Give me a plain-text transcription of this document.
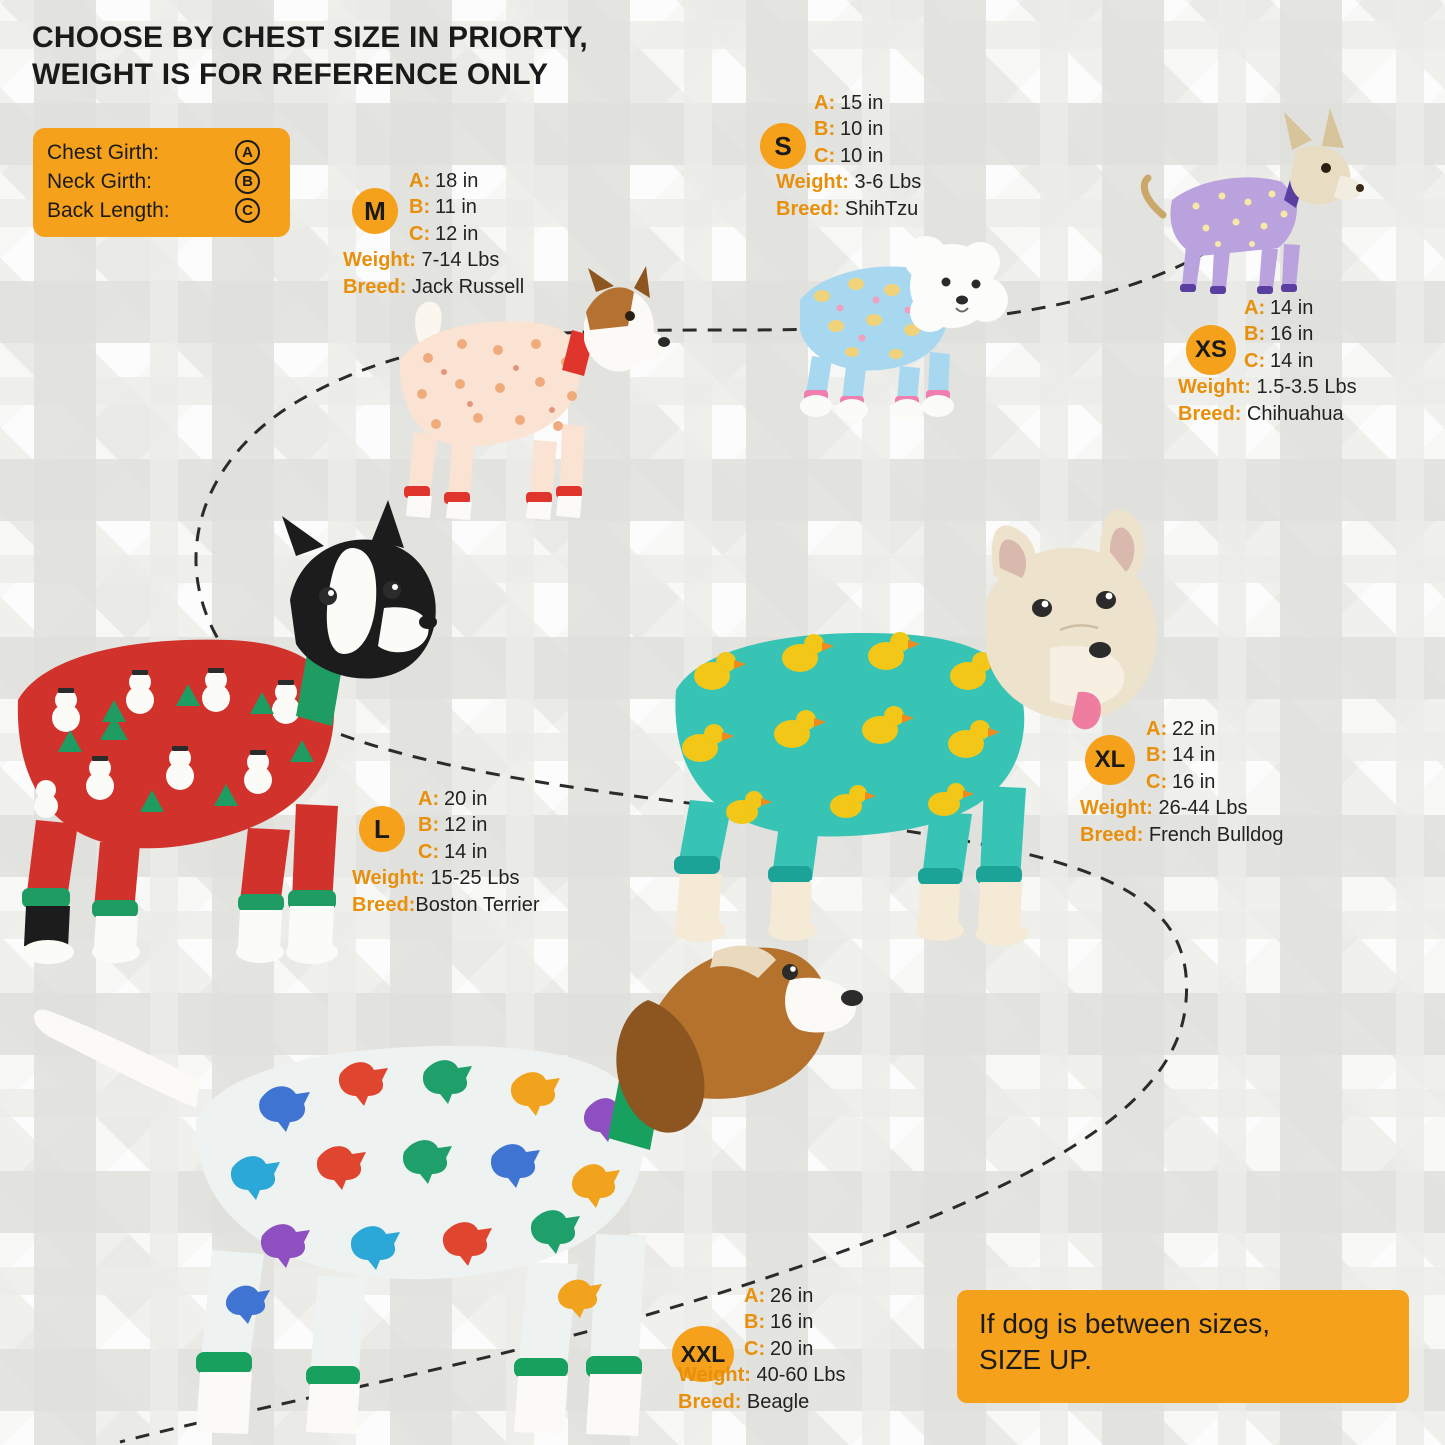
CHOOSE BY CHEST SIZE IN PRIORTY,
WEIGHT IS FOR REFERENCE ONLY
Chest Girth:	A
Neck Girth:	B
Back Length:	C
S
A: 15 in
B: 10 in
C: 10 in
Weight: 3-6 Lbs
Breed: ShihTzu
M
A: 18 in
B: 11 in
C: 12 in
Weight: 7-14 Lbs
Breed: Jack Russell
XS
A: 14 in
B: 16 in
C: 14 in
Weight: 1.5-3.5 Lbs
Breed: Chihuahua
L
A: 20 in
B: 12 in
C: 14 in
Weight: 15-25 Lbs
Breed:Boston Terrier
XL
A: 22 in
B: 14 in
C: 16 in
Weight: 26-44 Lbs
Breed: French Bulldog
XXL
A: 26 in
B: 16 in
C: 20 in
Weight: 40-60 Lbs
Breed: Beagle
If dog is between sizes,
SIZE UP.
